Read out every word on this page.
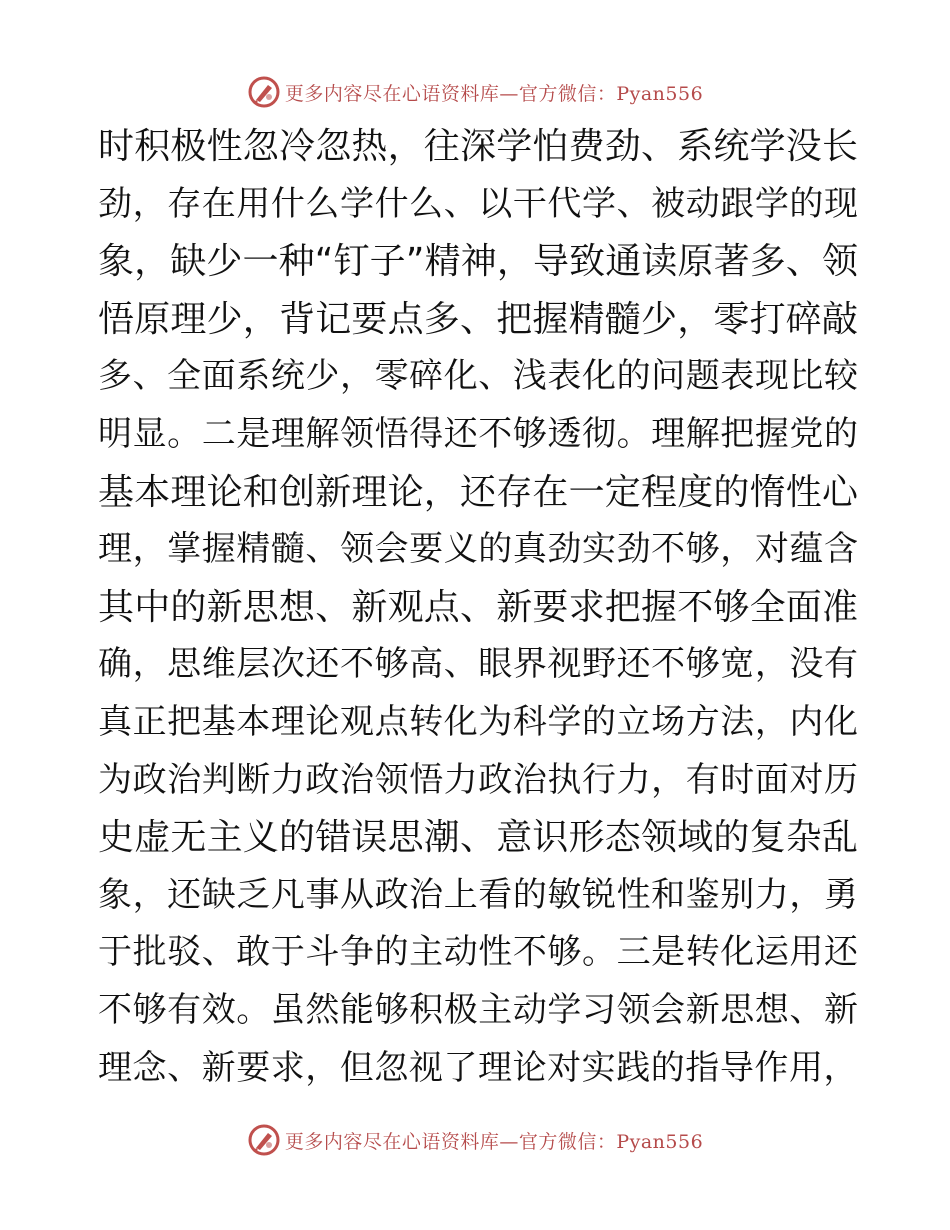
更多内容尽在心语资料库—官方微信：Pyan556
时积极性忽冷忽热，往深学怕费劲、系统学没长
劲，存在用什么学什么、以干代学、被动跟学的现
象，缺少一种“钉子”精神，导致通读原著多、领
悟原理少，背记要点多、把握精髓少，零打碎敲
多、全面系统少，零碎化、浅表化的问题表现比较
明显。二是理解领悟得还不够透彻。理解把握党的
基本理论和创新理论，还存在一定程度的惰性心
理，掌握精髓、领会要义的真劲实劲不够，对蕴含
其中的新思想、新观点、新要求把握不够全面准
确，思维层次还不够高、眼界视野还不够宽，没有
真正把基本理论观点转化为科学的立场方法，内化
为政治判断力政治领悟力政治执行力，有时面对历
史虚无主义的错误思潮、意识形态领域的复杂乱
象，还缺乏凡事从政治上看的敏锐性和鉴别力，勇
于批驳、敢于斗争的主动性不够。三是转化运用还
不够有效。虽然能够积极主动学习领会新思想、新
理念、新要求，但忽视了理论对实践的指导作用，
更多内容尽在心语资料库—官方微信：Pyan556
